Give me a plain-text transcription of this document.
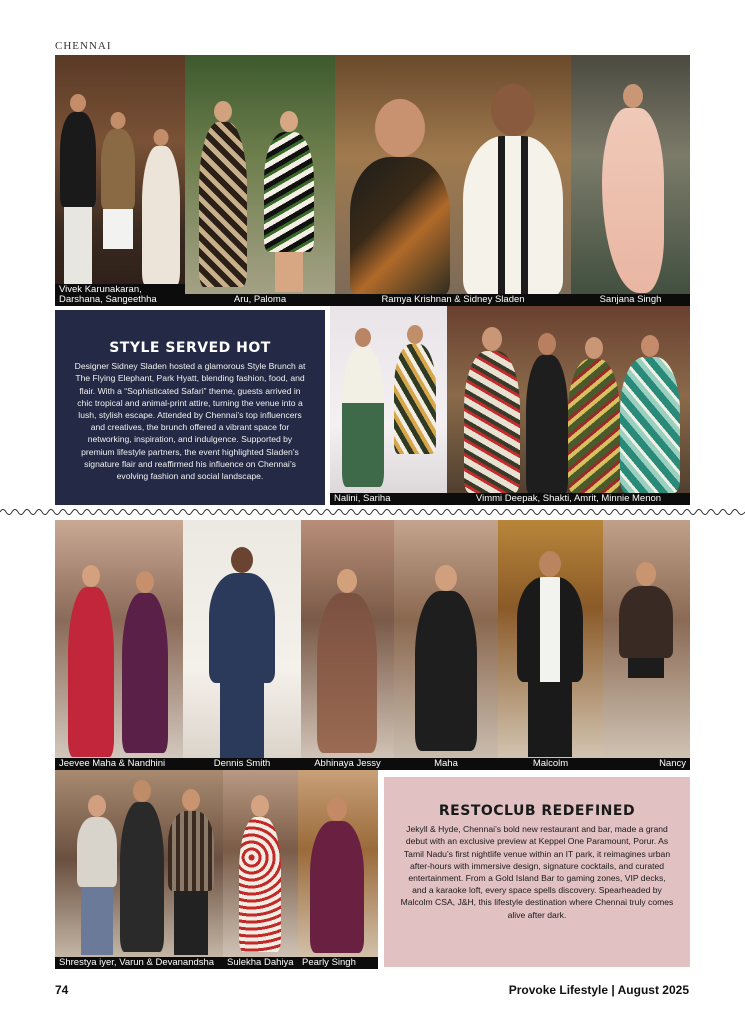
CHENNAI
Vivek Karunakaran,
Darshana, Sangeethha	Aru, Paloma	Ramya Krishnan & Sidney Sladen	Sanjana Singh
STYLE SERVED HOT

Designer Sidney Sladen hosted a glamorous Style Brunch at The Flying Elephant, Park Hyatt, blending fashion, food, and flair. With a “Sophisticated Safari” theme, guests arrived in chic tropical and animal-print attire, turning the venue into a lush, stylish escape. Attended by Chennai’s top influencers and creatives, the brunch offered a vibrant space for networking, inspiration, and indulgence. Supported by premium lifestyle partners, the event highlighted Sladen’s signature flair and reaffirmed his influence on Chennai’s evolving fashion and social landscape.

Nalini, Sariha	Vimmi Deepak, Shakti, Amrit, Minnie Menon
Jeevee Maha & Nandhini	Dennis Smith	Abhinaya Jessy	Maha	Malcolm	Nancy
Shrestya iyer, Varun & Devanandsha	Sulekha Dahiya Pearly Singh
RESTOCLUB REDEFINED

Jekyll & Hyde, Chennai’s bold new restaurant and bar, made a grand debut with an exclusive preview at Keppel One Paramount, Porur. As Tamil Nadu’s first nightlife venue within an IT park, it reimagines urban after-hours with immersive design, signature cocktails, and curated entertainment. From a Gold Island Bar to gaming zones, VIP decks, and a karaoke loft, every space spells discovery. Spearheaded by Malcolm CSA, J&H, this lifestyle destination where Chennai truly comes alive after dark.

74	Provoke Lifestyle | August 2025
